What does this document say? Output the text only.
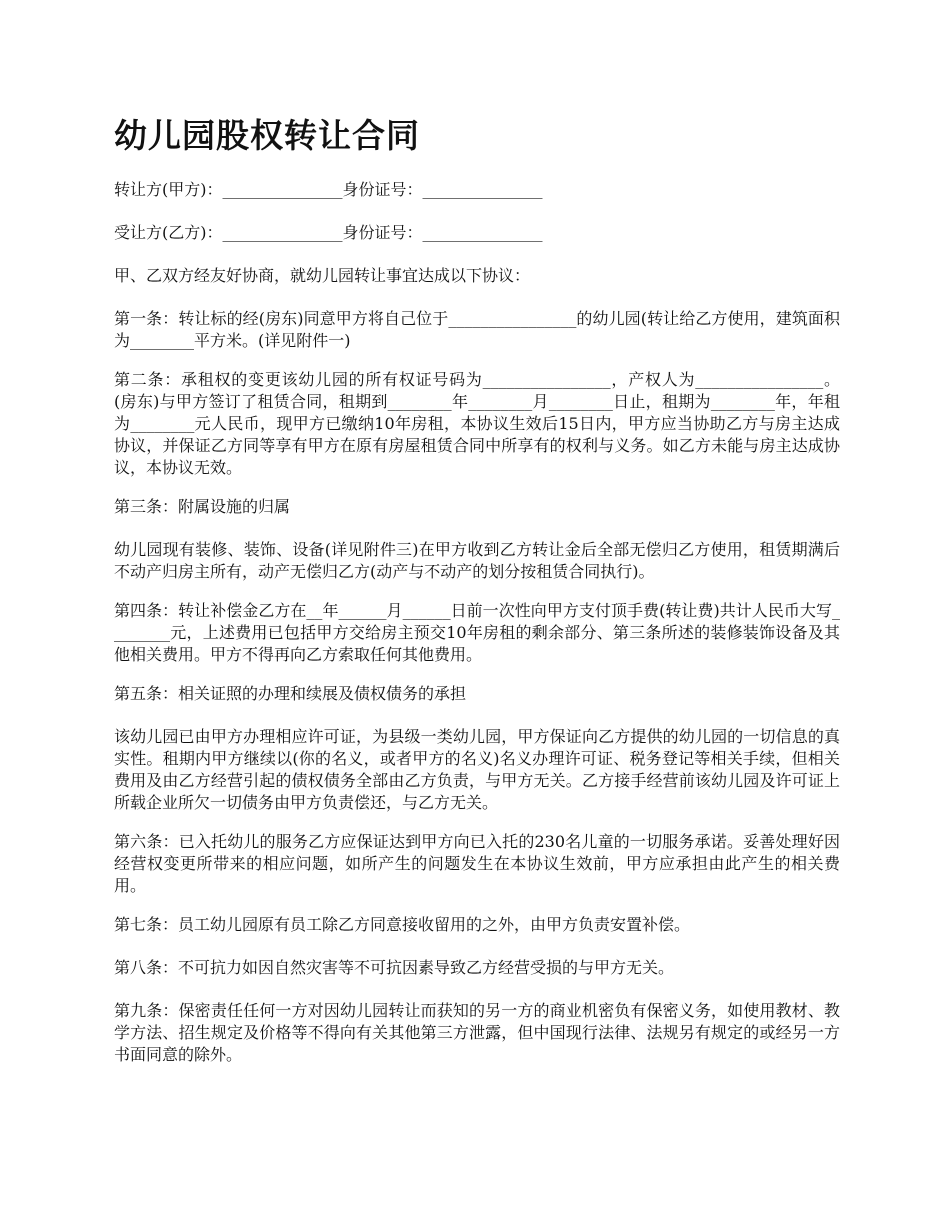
幼儿园股权转让合同

转让方(甲方)：_______________身份证号：_______________

受让方(乙方)：_______________身份证号：_______________

甲、乙双方经友好协商，就幼儿园转让事宜达成以下协议：

第一条：转让标的经(房东)同意甲方将自己位于________________的幼儿园(转让给乙方使用，建筑面积为________平方米。(详见附件一)

第二条：承租权的变更该幼儿园的所有权证号码为________________，产权人为________________。(房东)与甲方签订了租赁合同，租期到________年________月________日止，租期为________年，年租为________元人民币，现甲方已缴纳10年房租，本协议生效后15日内，甲方应当协助乙方与房主达成协议，并保证乙方同等享有甲方在原有房屋租赁合同中所享有的权利与义务。如乙方未能与房主达成协议，本协议无效。

第三条：附属设施的归属

幼儿园现有装修、装饰、设备(详见附件三)在甲方收到乙方转让金后全部无偿归乙方使用，租赁期满后不动产归房主所有，动产无偿归乙方(动产与不动产的划分按租赁合同执行)。

第四条：转让补偿金乙方在__年______月______日前一次性向甲方支付顶手费(转让费)共计人民币大写________元，上述费用已包括甲方交给房主预交10年房租的剩余部分、第三条所述的装修装饰设备及其他相关费用。甲方不得再向乙方索取任何其他费用。

第五条：相关证照的办理和续展及债权债务的承担

该幼儿园已由甲方办理相应许可证，为县级一类幼儿园，甲方保证向乙方提供的幼儿园的一切信息的真实性。租期内甲方继续以(你的名义，或者甲方的名义)名义办理许可证、税务登记等相关手续，但相关费用及由乙方经营引起的债权债务全部由乙方负责，与甲方无关。乙方接手经营前该幼儿园及许可证上所载企业所欠一切债务由甲方负责偿还，与乙方无关。

第六条：已入托幼儿的服务乙方应保证达到甲方向已入托的230名儿童的一切服务承诺。妥善处理好因经营权变更所带来的相应问题，如所产生的问题发生在本协议生效前，甲方应承担由此产生的相关费用。

第七条：员工幼儿园原有员工除乙方同意接收留用的之外，由甲方负责安置补偿。

第八条：不可抗力如因自然灾害等不可抗因素导致乙方经营受损的与甲方无关。

第九条：保密责任任何一方对因幼儿园转让而获知的另一方的商业机密负有保密义务，如使用教材、教学方法、招生规定及价格等不得向有关其他第三方泄露，但中国现行法律、法规另有规定的或经另一方书面同意的除外。
